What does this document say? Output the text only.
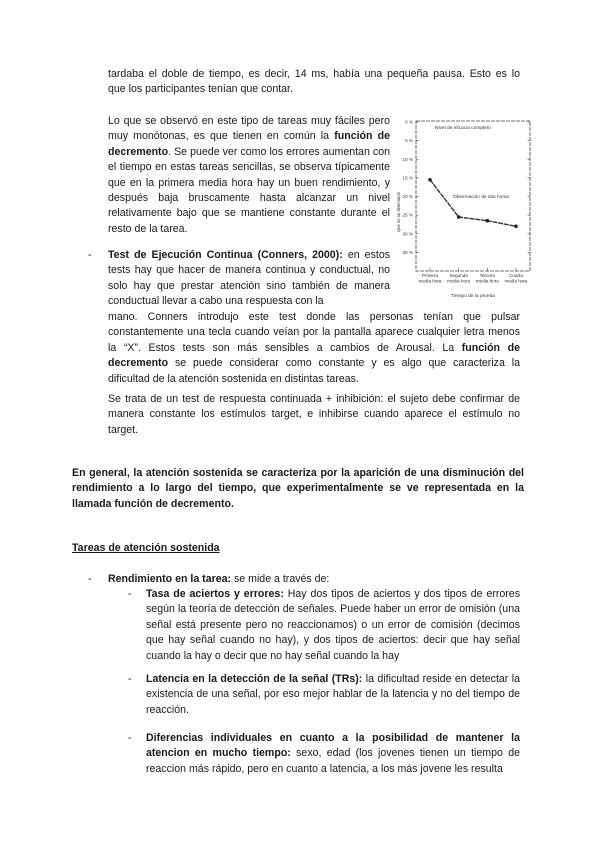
tardaba el doble de tiempo, es decir, 14 ms, había una pequeña pausa. Esto es lo
que los participantes tenían que contar.
Lo que se observó en este tipo de tareas muy fáciles pero muy monótonas, es que tienen en común la función de decremento. Se puede ver como los errores aumentan con el tiempo en estas tareas sencillas, se observa típicamente que en la primera media hora hay un buen rendimiento, y después baja bruscamente hasta alcanzar un nivel relativamente bajo que se mantiene constante durante el resto de la tarea.
- Test de Ejecución Continua (Conners, 2000): en estos tests hay que hacer de manera continua y conductual, no solo hay que prestar atención sino también de manera conductual llevar a cabo una respuesta con la
mano. Conners introdujo este test donde las personas tenían que pulsar constantemente una tecla cuando veían por la pantalla aparece cualquier letra menos la “X”. Estos tests son más sensibles a cambios de Arousal. La función de decremento se puede considerar como constante y es algo que caracteriza la dificultad de la atención sostenida en distintas tareas.
Se trata de un test de respuesta continuada + inhibición: el sujeto debe confirmar de manera constante los estímulos target, e inhibirse cuando aparece el estímulo no target.
En general, la atención sostenida se caracteriza por la aparición de una disminución del rendimiento a lo largo del tiempo, que experimentalmente se ve representada en la llamada función de decremento.
Tareas de atención sostenida
- Rendimiento en la tarea: se mide a través de:
- Tasa de aciertos y errores: Hay dos tipos de aciertos y dos tipos de errores según la teoría de detección de señales. Puede haber un error de omisión (una señal está presente pero no reaccionamos) o un error de comisión (decimos que hay señal cuando no hay), y dos tipos de aciertos: decir que hay señal cuando la hay o decir que no hay señal cuando la hay
- Latencia en la detección de la señal (TRs): la dificultad reside en detectar la existencia de una señal, por eso mejor hablar de la latencia y no del tiempo de reacción.
- Diferencias individuales en cuanto a la posibilidad de mantener la atencion en mucho tiempo: sexo, edad (los jovenes tienen un tiempo de reaccion más rápido, pero en cuanto a latencia, a los más jovene les resulta
0 %
5 %
10 %
15 %
20 %
25 %
30 %
35 %
Primera
media hora
Segunda
media hora
Tercera
media hora
Cuarta
media hora
Nivel de eficacia completo
Observación de dos horas
Que no se detectaron
Tiempo de la prueba
